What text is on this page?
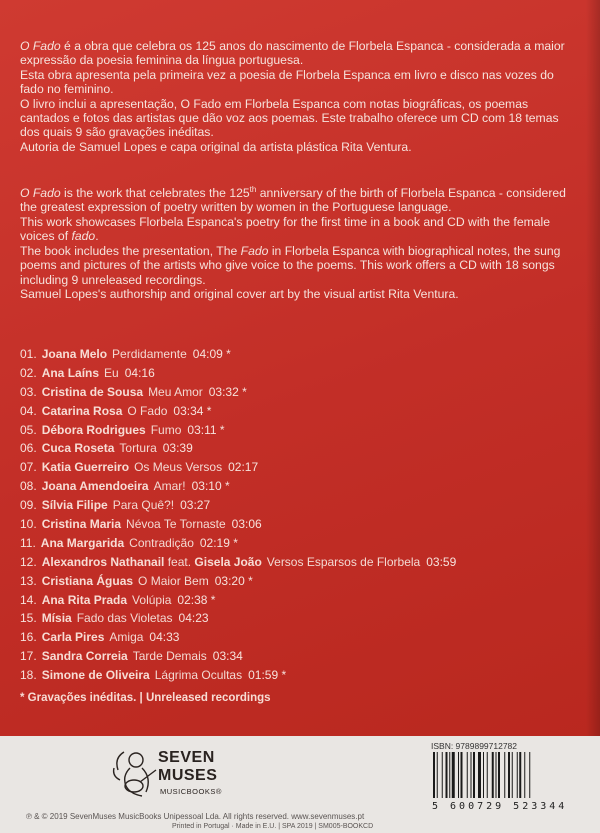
O Fado é a obra que celebra os 125 anos do nascimento de Florbela Espanca - considerada a maior expressão da poesia feminina da língua portuguesa.

Esta obra apresenta pela primeira vez a poesia de Florbela Espanca em livro e disco nas vozes do fado no feminino.

O livro inclui a apresentação, O Fado em Florbela Espanca com notas biográficas, os poemas cantados e fotos das artistas que dão voz aos poemas. Este trabalho oferece um CD com 18 temas dos quais 9 são gravações inéditas.

Autoria de Samuel Lopes e capa original da artista plástica Rita Ventura.

O Fado is the work that celebrates the 125th anniversary of the birth of Florbela Espanca - considered the greatest expression of poetry written by women in the Portuguese language.

This work showcases Florbela Espanca's poetry for the first time in a book and CD with the female voices of fado.

The book includes the presentation, The Fado in Florbela Espanca with biographical notes, the sung poems and pictures of the artists who give voice to the poems. This work offers a CD with 18 songs including 9 unreleased recordings.

Samuel Lopes's authorship and original cover art by the visual artist Rita Ventura.

01. Joana Melo Perdidamente 04:09 *
02. Ana Laíns Eu 04:16
03. Cristina de Sousa Meu Amor 03:32 *
04. Catarina Rosa O Fado 03:34 *
05. Débora Rodrigues Fumo 03:11 *
06. Cuca Roseta Tortura 03:39
07. Katia Guerreiro Os Meus Versos 02:17
08. Joana Amendoeira Amar! 03:10 *
09. Sílvia Filipe Para Quê?! 03:27
10. Cristina Maria Névoa Te Tornaste 03:06
11. Ana Margarida Contradição 02:19 *
12. Alexandros Nathanail feat. Gisela João Versos Esparsos de Florbela 03:59
13. Cristiana Águas O Maior Bem 03:20 *
14. Ana Rita Prada Volúpia 02:38 *
15. Mísia Fado das Violetas 04:23
16. Carla Pires Amiga 04:33
17. Sandra Correia Tarde Demais 03:34
18. Simone de Oliveira Lágrima Ocultas 01:59 *
* Gravações inéditas. | Unreleased recordings
SEVEN
MUSES
MUSICBOOKS®
ISBN: 9789899712782
5 600729 523344
℗ & © 2019 SevenMuses MusicBooks Unipessoal Lda. All rights reserved. www.sevenmuses.pt
Printed in Portugal · Made in E.U. | SPA 2019 | SM005-BOOKCD
